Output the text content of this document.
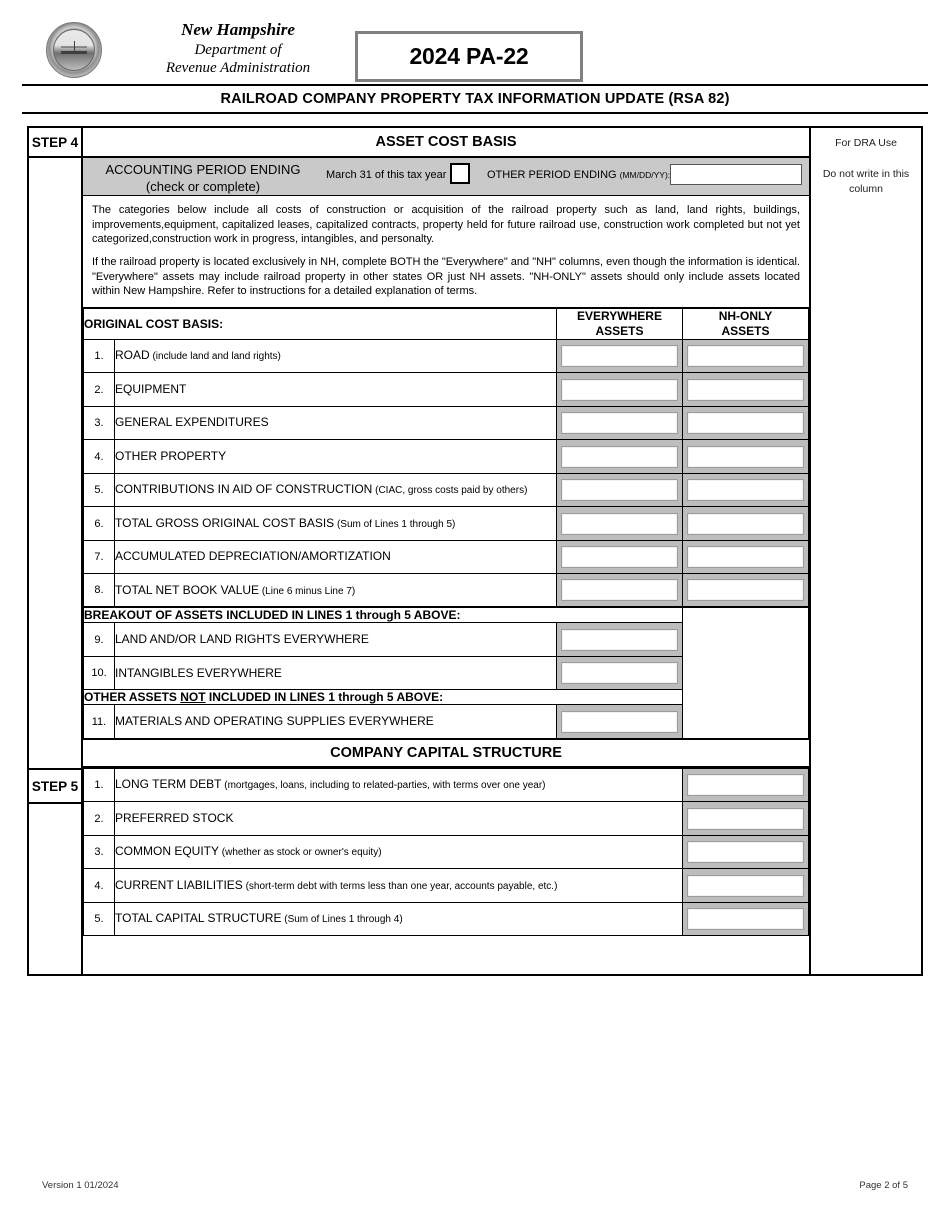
New Hampshire
Department of
Revenue Administration	2024 PA-22
RAILROAD COMPANY PROPERTY TAX INFORMATION UPDATE (RSA 82)
STEP 4
STEP 5
ASSET COST BASIS
ACCOUNTING PERIOD ENDING
(check or complete)
March 31 of this tax year	OTHER PERIOD ENDING (MM/DD/YY):

The categories below include all costs of construction or acquisition of the railroad property such as land, land rights, buildings, improvements,equipment, capitalized leases, capitalized contracts, property held for future railroad use, construction work completed but not yet categorized,construction work in progress, intangibles, and personalty.

If the railroad property is located exclusively in NH, complete BOTH the "Everywhere" and "NH" columns, even though the information is identical. "Everywhere" assets may include railroad property in other states OR just NH assets. "NH-ONLY" assets should only include assets located within New Hampshire. Refer to instructions for a detailed explanation of terms.

ORIGINAL COST BASIS:	
EVERYWHERE
ASSETS

NH-ONLY
ASSETS

1.	ROAD (include land and land rights)	

2.	EQUIPMENT	

3.	GENERAL EXPENDITURES	

4.	OTHER PROPERTY	

5.	CONTRIBUTIONS IN AID OF CONSTRUCTION (CIAC, gross costs paid by others)	

6.	TOTAL GROSS ORIGINAL COST BASIS (Sum of Lines 1 through 5)	

7.	ACCUMULATED DEPRECIATION/AMORTIZATION	

8.	TOTAL NET BOOK VALUE (Line 6 minus Line 7)	

BREAKOUT OF ASSETS INCLUDED IN LINES 1 through 5 ABOVE:			
9.	LAND AND/OR LAND RIGHTS EVERYWHERE		

10.	INTANGIBLES EVERYWHERE		

OTHER ASSETS NOT INCLUDED IN LINES 1 through 5 ABOVE:			
11.	MATERIALS AND OPERATING SUPPLIES EVERYWHERE		
COMPANY CAPITAL STRUCTURE
1.	LONG TERM DEBT (mortgages, loans, including to related-parties, with terms over one year)	

2.	PREFERRED STOCK	

3.	COMMON EQUITY (whether as stock or owner's equity)	

4.	CURRENT LIABILITIES (short-term debt with terms less than one year, accounts payable, etc.)	

5.	TOTAL CAPITAL STRUCTURE (Sum of Lines 1 through 4)	
For DRA Use
Do not write in this column
Version 1 01/2024	Page 2 of 5
